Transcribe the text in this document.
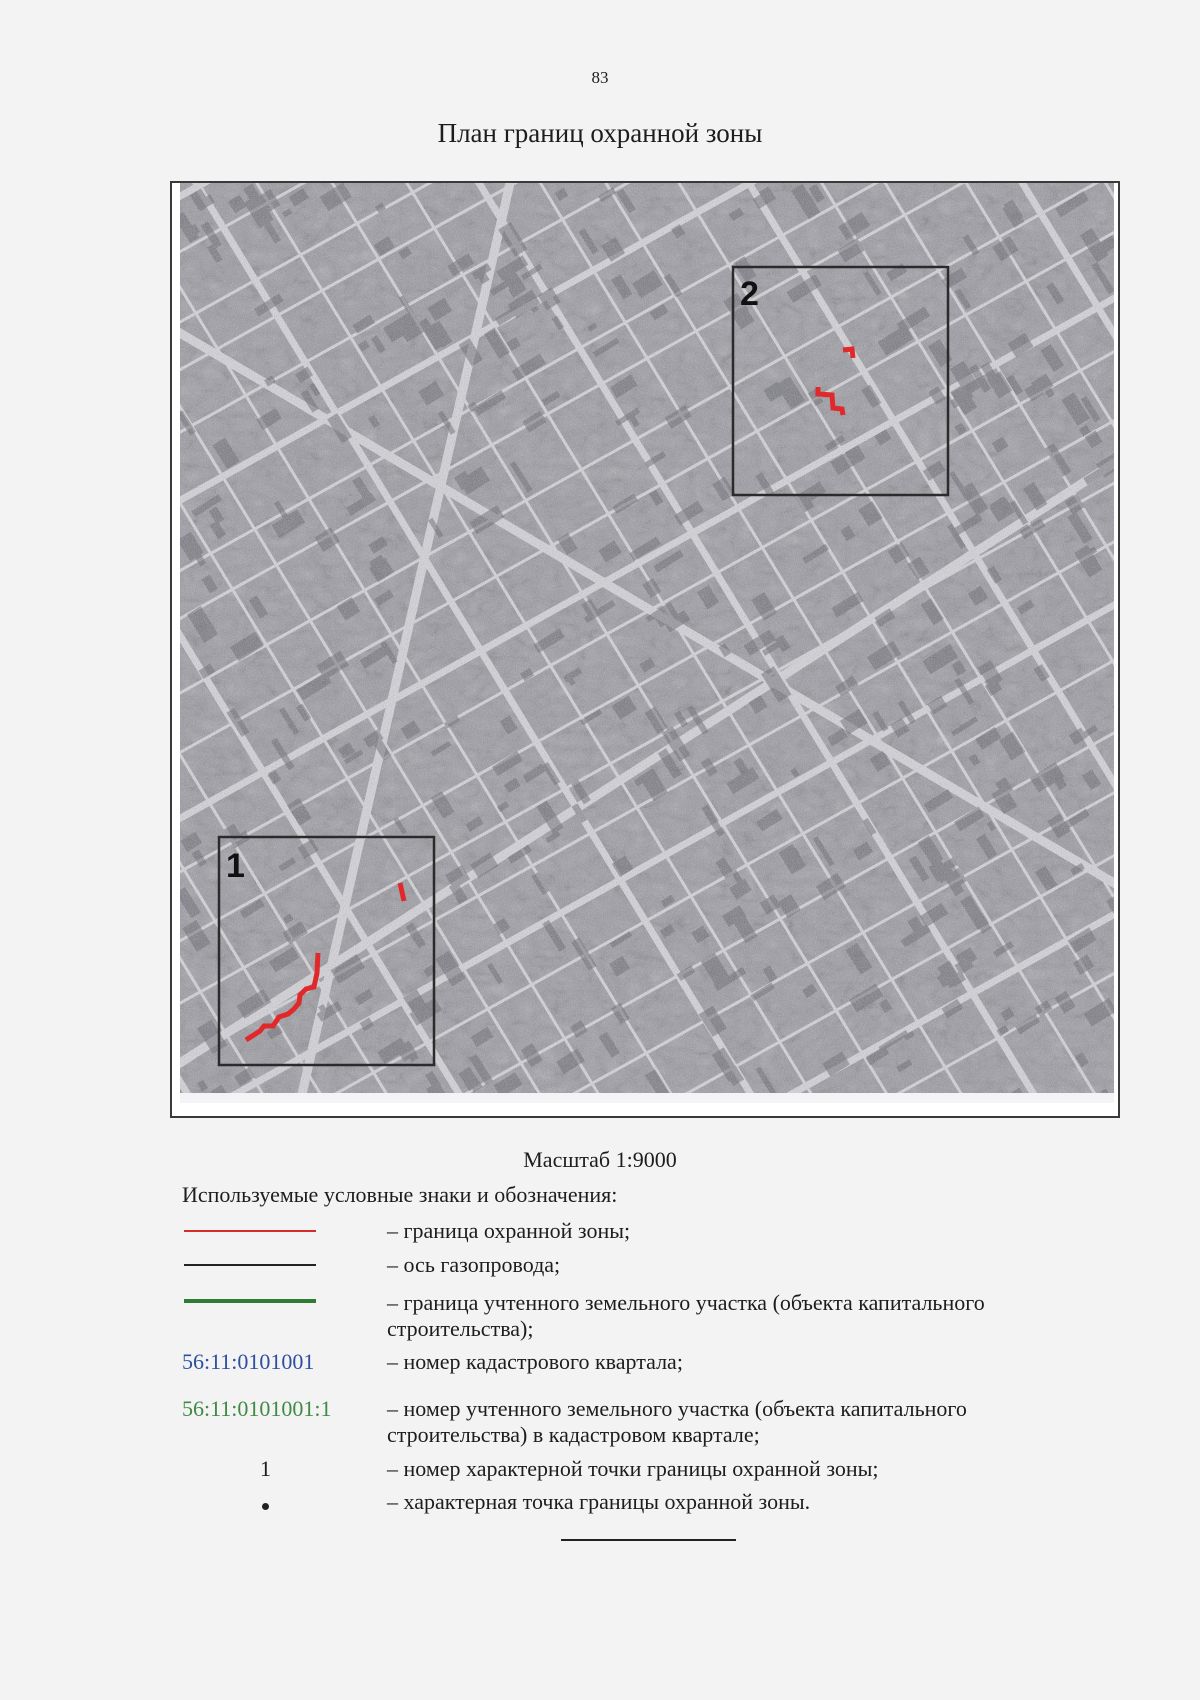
83
План границ охранной зоны
2
1
Масштаб 1:9000
Используемые условные знаки и обозначения:
– граница охранной зоны;
– ось газопровода;
– граница учтенного земельного участка (объекта капитального строительства);
56:11:0101001	– номер кадастрового квартала;
56:11:0101001:1	– номер учтенного земельного участка (объекта капитального строительства) в кадастровом квартале;
1	– номер характерной точки границы охранной зоны;
– характерная точка границы охранной зоны.
